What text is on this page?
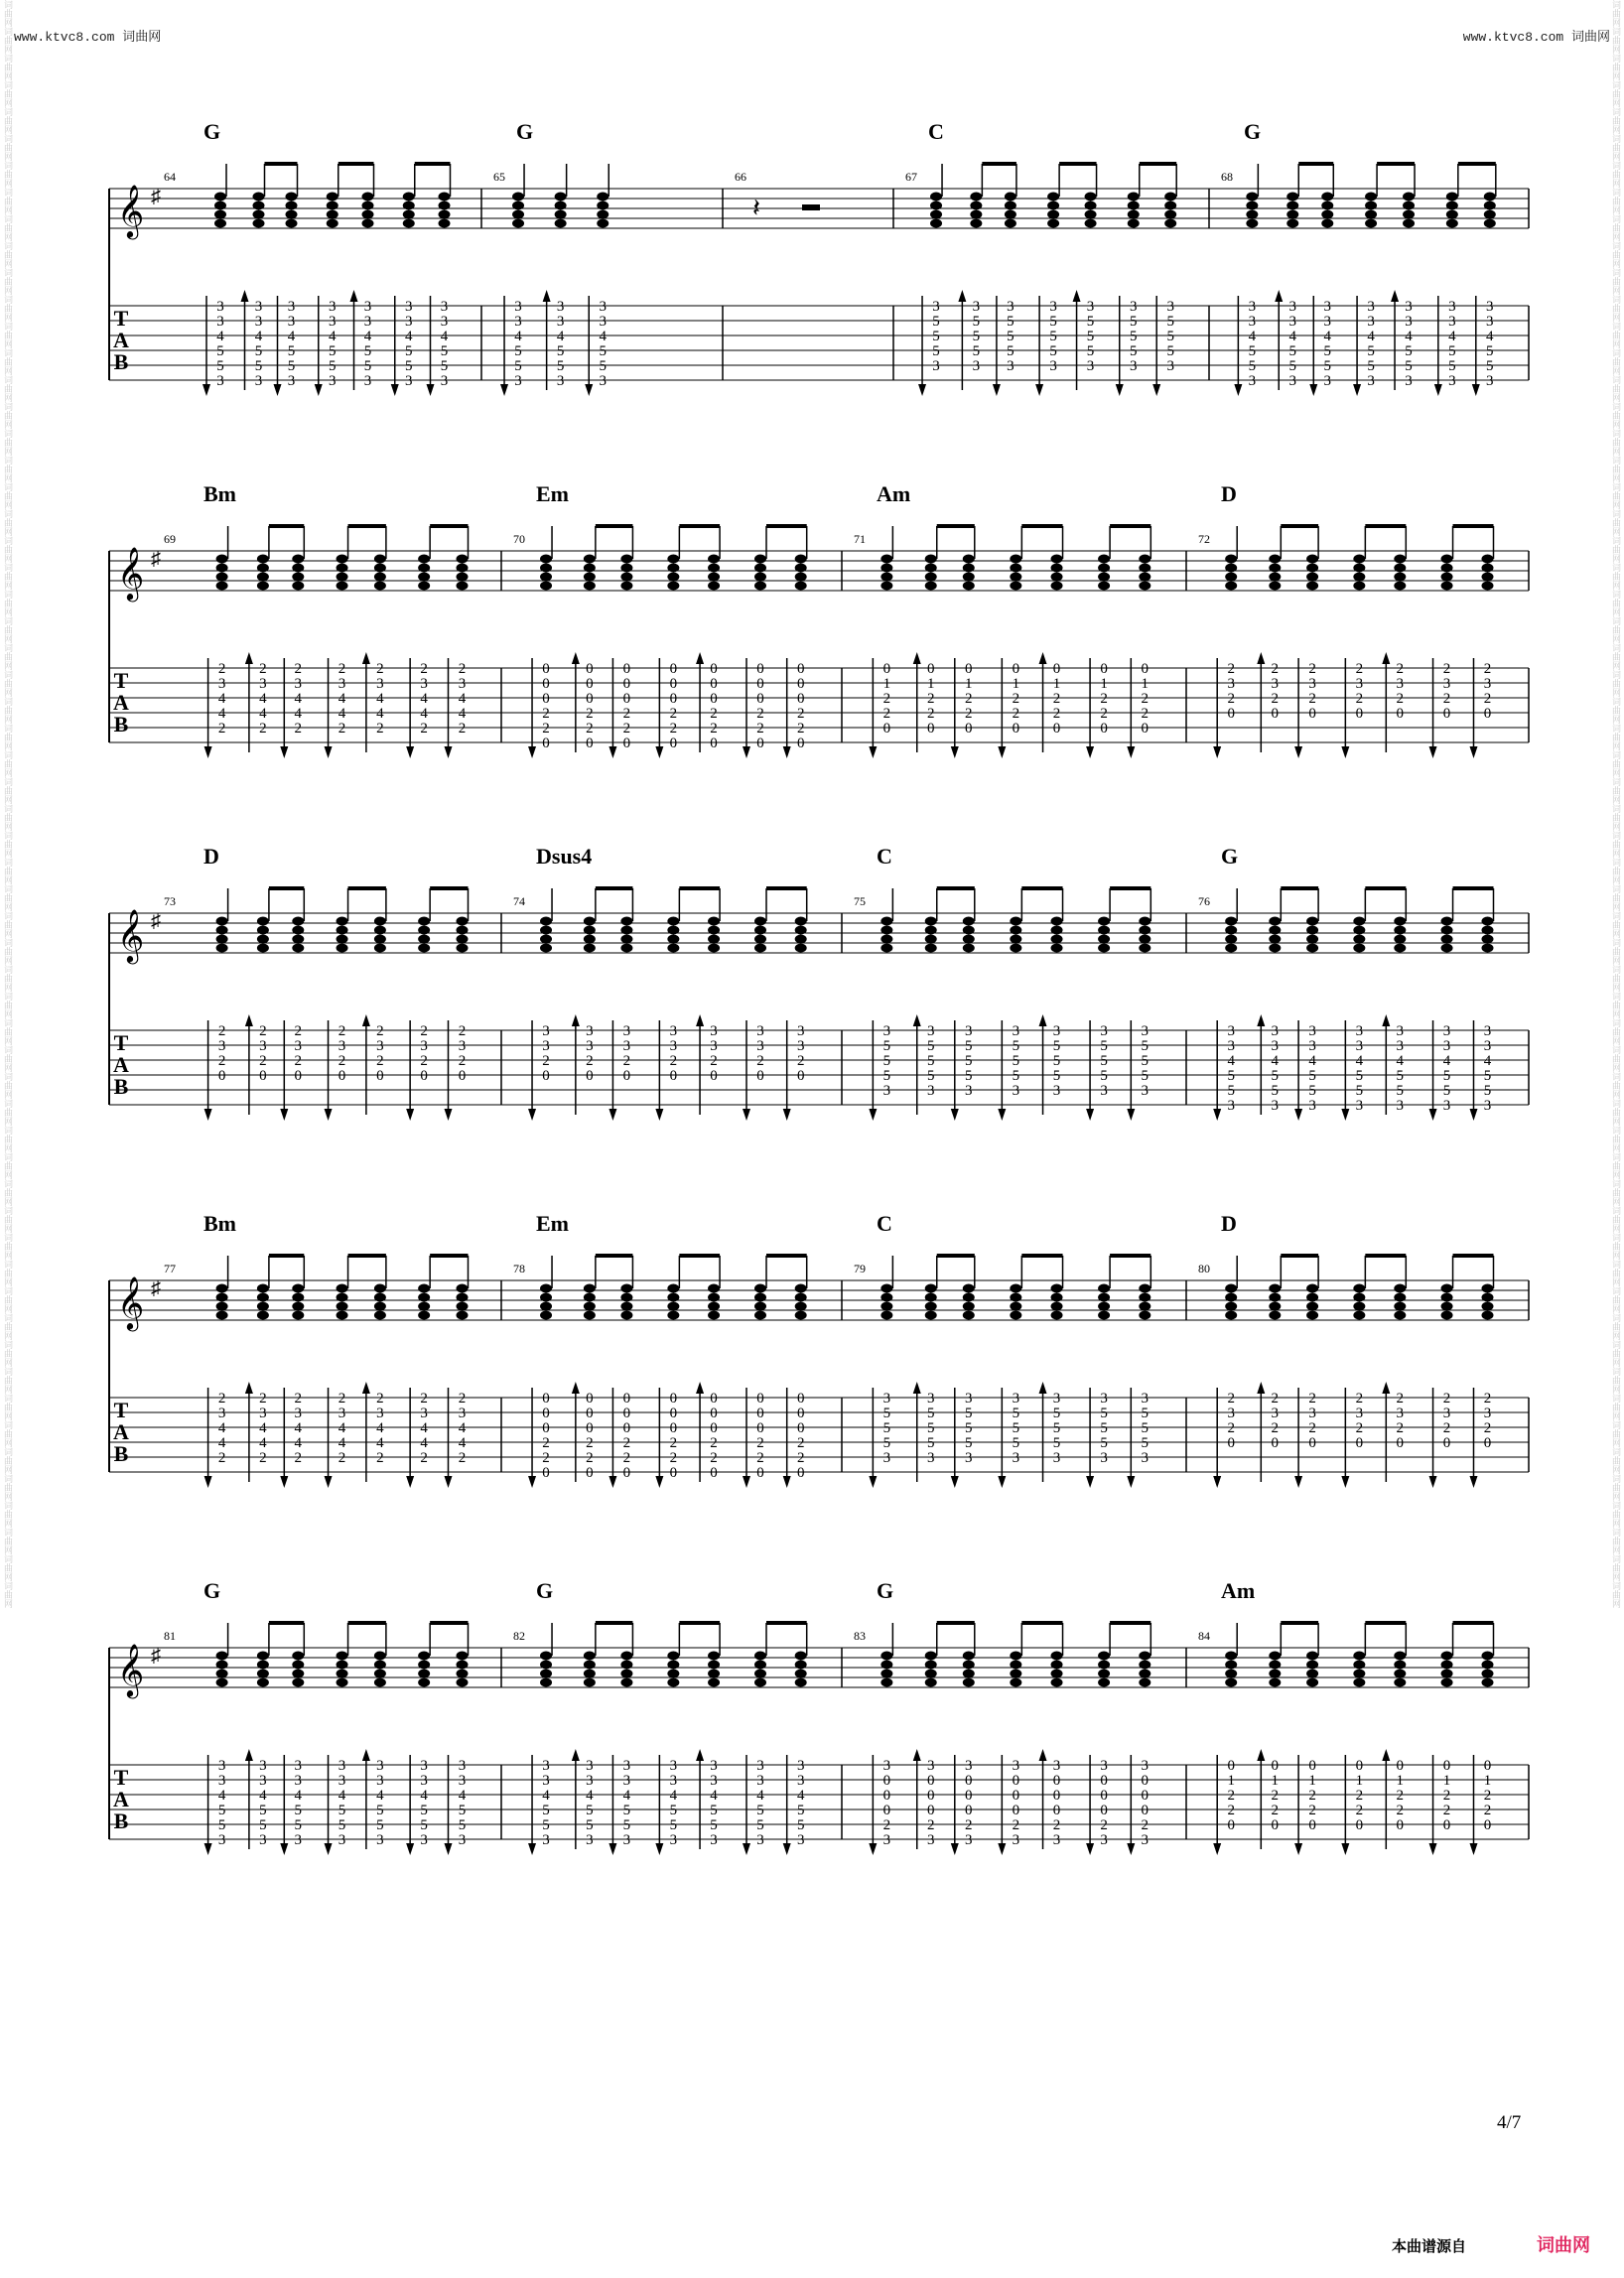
www.ktvc8.com 词曲网	www.ktvc8.com 词曲网
词曲网
词曲网
词曲网
词曲网
词曲网
词曲网
词曲网
词曲网
词曲网
词曲网
词曲网
词曲网
词曲网
词曲网
词曲网
词曲网
词曲网
词曲网
词曲网
词曲网
词曲网
词曲网
词曲网
词曲网
词曲网
词曲网
词曲网
词曲网
词曲网
词曲网
词曲网
词曲网
词曲网
词曲网
词曲网
词曲网
词曲网
词曲网
词曲网
词曲网
词曲网
词曲网
词曲网
词曲网
词曲网
词曲网
词曲网
词曲网
词曲网
词曲网
词曲网
词曲网
词曲网
词曲网
词曲网
词曲网
词曲网
词曲网
词曲网
词曲网
词曲网
词曲网
词曲网
词曲网
词曲网
词曲网
词曲网
词曲网
词曲网
词曲网
词曲网
词曲网
词曲网
词曲网
词曲网
词曲网
词曲网
词曲网
词曲网
词曲网
词曲网
词曲网
词曲网
词曲网
词曲网
词曲网
词曲网
词曲网
词曲网
词曲网
词曲网
词曲网
词曲网
词曲网
词曲网
词曲网
词曲网
词曲网
词曲网
词曲网
词曲网
词曲网
词曲网
词曲网
词曲网
词曲网
词曲网
词曲网
词曲网
词曲网
词曲网
词曲网
词曲网
词曲网
词曲网
词曲网
词曲网
词曲网
词曲网
词曲网
𝄞 ♯
T
A
B
64
G
3
3
4
5
5
3
3
3
4
5
5
3
3
3
4
5
5
3
3
3
4
5
5
3
3
3
4
5
5
3
3
3
4
5
5
3
3
3
4
5
5
3
65
G
3
3
4
5
5
3
3
3
4
5
5
3
3
3
4
5
5
3
66
𝄽
67
C
3
5
5
5
3
3
5
5
5
3
3
5
5
5
3
3
5
5
5
3
3
5
5
5
3
3
5
5
5
3
3
5
5
5
3
68
G
3
3
4
5
5
3
3
3
4
5
5
3
3
3
4
5
5
3
3
3
4
5
5
3
3
3
4
5
5
3
3
3
4
5
5
3
3
3
4
5
5
3
𝄞 ♯
T
A
B
69
Bm
2
3
4
4
2
2
3
4
4
2
2
3
4
4
2
2
3
4
4
2
2
3
4
4
2
2
3
4
4
2
2
3
4
4
2
70
Em
0
0
0
2
2
0
0
0
0
2
2
0
0
0
0
2
2
0
0
0
0
2
2
0
0
0
0
2
2
0
0
0
0
2
2
0
0
0
0
2
2
0
71
Am
0
1
2
2
0
0
1
2
2
0
0
1
2
2
0
0
1
2
2
0
0
1
2
2
0
0
1
2
2
0
0
1
2
2
0
72
D
2
3
2
0
2
3
2
0
2
3
2
0
2
3
2
0
2
3
2
0
2
3
2
0
2
3
2
0
𝄞 ♯
T
A
B
73
D
2
3
2
0
2
3
2
0
2
3
2
0
2
3
2
0
2
3
2
0
2
3
2
0
2
3
2
0
74
Dsus4
3
3
2
0
3
3
2
0
3
3
2
0
3
3
2
0
3
3
2
0
3
3
2
0
3
3
2
0
75
C
3
5
5
5
3
3
5
5
5
3
3
5
5
5
3
3
5
5
5
3
3
5
5
5
3
3
5
5
5
3
3
5
5
5
3
76
G
3
3
4
5
5
3
3
3
4
5
5
3
3
3
4
5
5
3
3
3
4
5
5
3
3
3
4
5
5
3
3
3
4
5
5
3
3
3
4
5
5
3
𝄞 ♯
T
A
B
77
Bm
2
3
4
4
2
2
3
4
4
2
2
3
4
4
2
2
3
4
4
2
2
3
4
4
2
2
3
4
4
2
2
3
4
4
2
78
Em
0
0
0
2
2
0
0
0
0
2
2
0
0
0
0
2
2
0
0
0
0
2
2
0
0
0
0
2
2
0
0
0
0
2
2
0
0
0
0
2
2
0
79
C
3
5
5
5
3
3
5
5
5
3
3
5
5
5
3
3
5
5
5
3
3
5
5
5
3
3
5
5
5
3
3
5
5
5
3
80
D
2
3
2
0
2
3
2
0
2
3
2
0
2
3
2
0
2
3
2
0
2
3
2
0
2
3
2
0
𝄞 ♯
T
A
B
81
G
3
3
4
5
5
3
3
3
4
5
5
3
3
3
4
5
5
3
3
3
4
5
5
3
3
3
4
5
5
3
3
3
4
5
5
3
3
3
4
5
5
3
82
G
3
3
4
5
5
3
3
3
4
5
5
3
3
3
4
5
5
3
3
3
4
5
5
3
3
3
4
5
5
3
3
3
4
5
5
3
3
3
4
5
5
3
83
G
3
0
0
0
2
3
3
0
0
0
2
3
3
0
0
0
2
3
3
0
0
0
2
3
3
0
0
0
2
3
3
0
0
0
2
3
3
0
0
0
2
3
84
Am
0
1
2
2
0
0
1
2
2
0
0
1
2
2
0
0
1
2
2
0
0
1
2
2
0
0
1
2
2
0
0
1
2
2
0
4/7
本曲谱源自	词曲网
